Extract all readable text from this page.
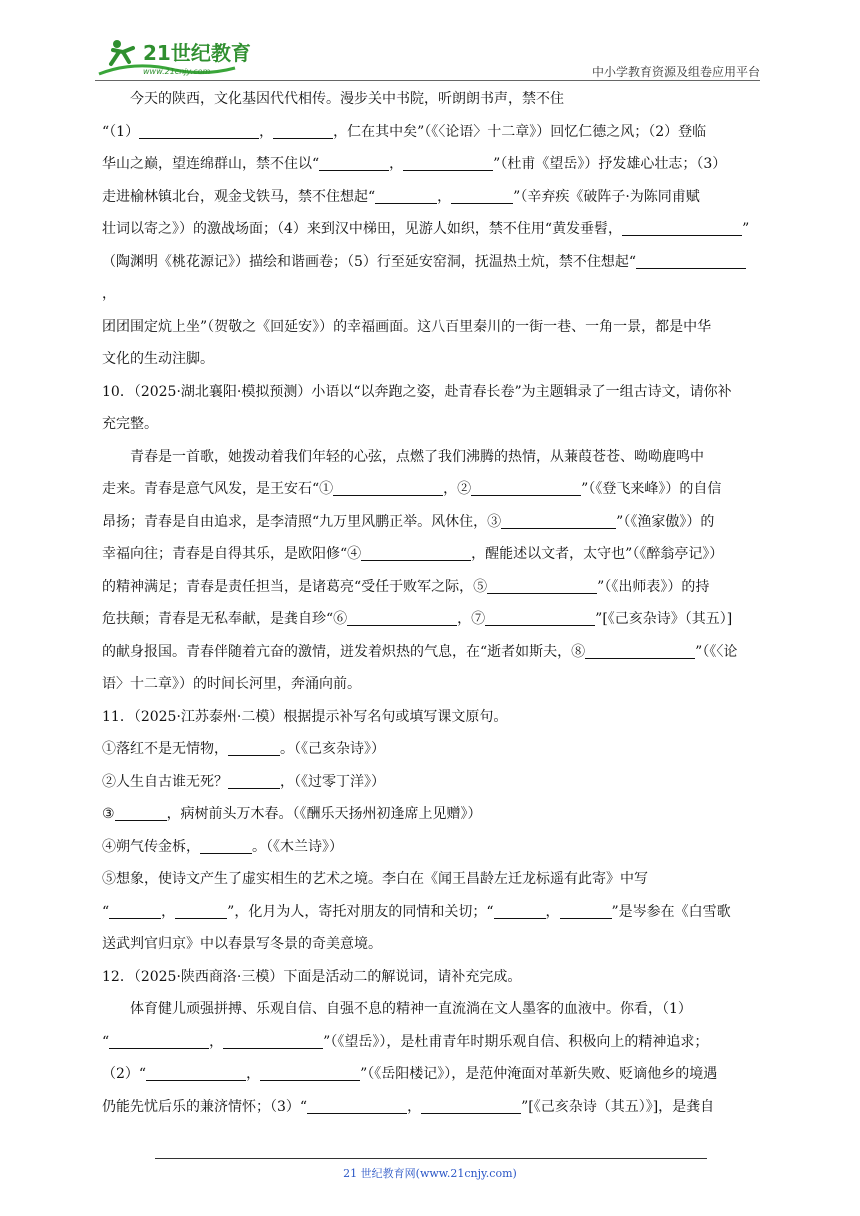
21世纪教育
www.21cnjy.com	中小学教育资源及组卷应用平台

今天的陕西，文化基因代代相传。漫步关中书院，听朗朗书声，禁不住

“（1）	，	，仁在其中矣”（《〈论语〉十二章》）回忆仁德之风；（2）登临

华山之巅，望连绵群山，禁不住以“	，	”（杜甫《望岳》）抒发雄心壮志；（3）

走进榆林镇北台，观金戈铁马，禁不住想起“	，	”（辛弃疾《破阵子·为陈同甫赋

壮词以寄之》）的激战场面；（4）来到汉中梯田，见游人如织，禁不住用“黄发垂髫，	”

（陶渊明《桃花源记》）描绘和谐画卷；（5）行至延安窑洞，抚温热土炕，禁不住想起“，

团团围定炕上坐”（贺敬之《回延安》）的幸福画面。这八百里秦川的一街一巷、一角一景，都是中华

文化的生动注脚。

10．（2025·湖北襄阳·模拟预测）小语以“以奔跑之姿，赴青春长卷”为主题辑录了一组古诗文，请你补

充完整。

青春是一首歌，她拨动着我们年轻的心弦，点燃了我们沸腾的热情，从蒹葭苍苍、呦呦鹿鸣中

走来。青春是意气风发，是王安石“①	，②	”（《登飞来峰》）的自信

昂扬；青春是自由追求，是李清照“九万里风鹏正举。风休住，③	”（《渔家傲》）的

幸福向往；青春是自得其乐，是欧阳修“④	，醒能述以文者，太守也”（《醉翁亭记》）

的精神满足；青春是责任担当，是诸葛亮“受任于败军之际，⑤	”（《出师表》）的持

危扶颠；青春是无私奉献，是龚自珍“⑥	，⑦	”[《己亥杂诗》（其五）]

的献身报国。青春伴随着亢奋的激情，迸发着炽热的气息，在“逝者如斯夫，⑧	”（《〈论

语〉十二章》）的时间长河里，奔涌向前。

11．（2025·江苏泰州·二模）根据提示补写名句或填写课文原句。

①落红不是无情物，	。（《己亥杂诗》）

②人生自古谁无死？	，（《过零丁洋》）

③	，病树前头万木春。（《酬乐天扬州初逢席上见赠》）

④朔气传金柝，	。（《木兰诗》）

⑤想象，使诗文产生了虚实相生的艺术之境。李白在《闻王昌龄左迁龙标遥有此寄》中写

“	，	”，化月为人，寄托对朋友的同情和关切；“	，	”是岑参在《白雪歌

送武判官归京》中以春景写冬景的奇美意境。

12．（2025·陕西商洛·三模）下面是活动二的解说词，请补充完成。

体育健儿顽强拼搏、乐观自信、自强不息的精神一直流淌在文人墨客的血液中。你看，（1）

“	，	”（《望岳》），是杜甫青年时期乐观自信、积极向上的精神追求；

（2）“	，	”（《岳阳楼记》），是范仲淹面对革新失败、贬谪他乡的境遇

仍能先忧后乐的兼济情怀；（3）“	，	”[《己亥杂诗（其五）》]，是龚自

21 世纪教育网(www.21cnjy.com)
